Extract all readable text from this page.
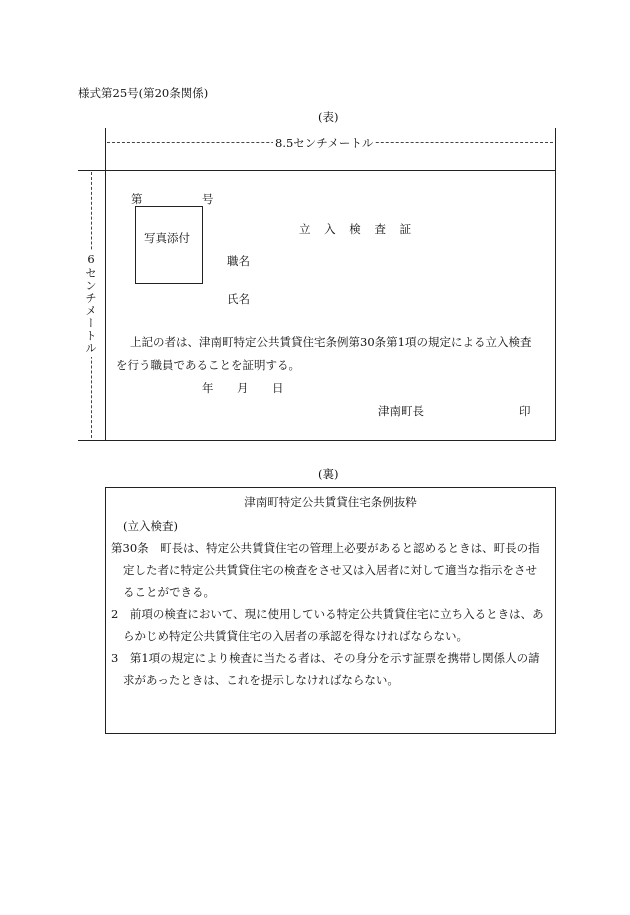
様式第25号(第20条関係)
(表)
8.5センチメートル
6センチメートル
第	号
写真添付
立 入 検 査 証
職名
氏名
上記の者は、津南町特定公共賃貸住宅条例第30条第1項の規定による立入検査
を行う職員であることを証明する。
年 月 日
津南町長	印
(裏)
津南町特定公共賃貸住宅条例抜粋

(立入検査)

第30条　町長は、特定公共賃貸住宅の管理上必要があると認めるときは、町長の指定した者に特定公共賃貸住宅の検査をさせ又は入居者に対して適当な指示をさせることができる。

2　前項の検査において、現に使用している特定公共賃貸住宅に立ち入るときは、あらかじめ特定公共賃貸住宅の入居者の承認を得なければならない。

3　第1項の規定により検査に当たる者は、その身分を示す証票を携帯し関係人の請求があったときは、これを提示しなければならない。
